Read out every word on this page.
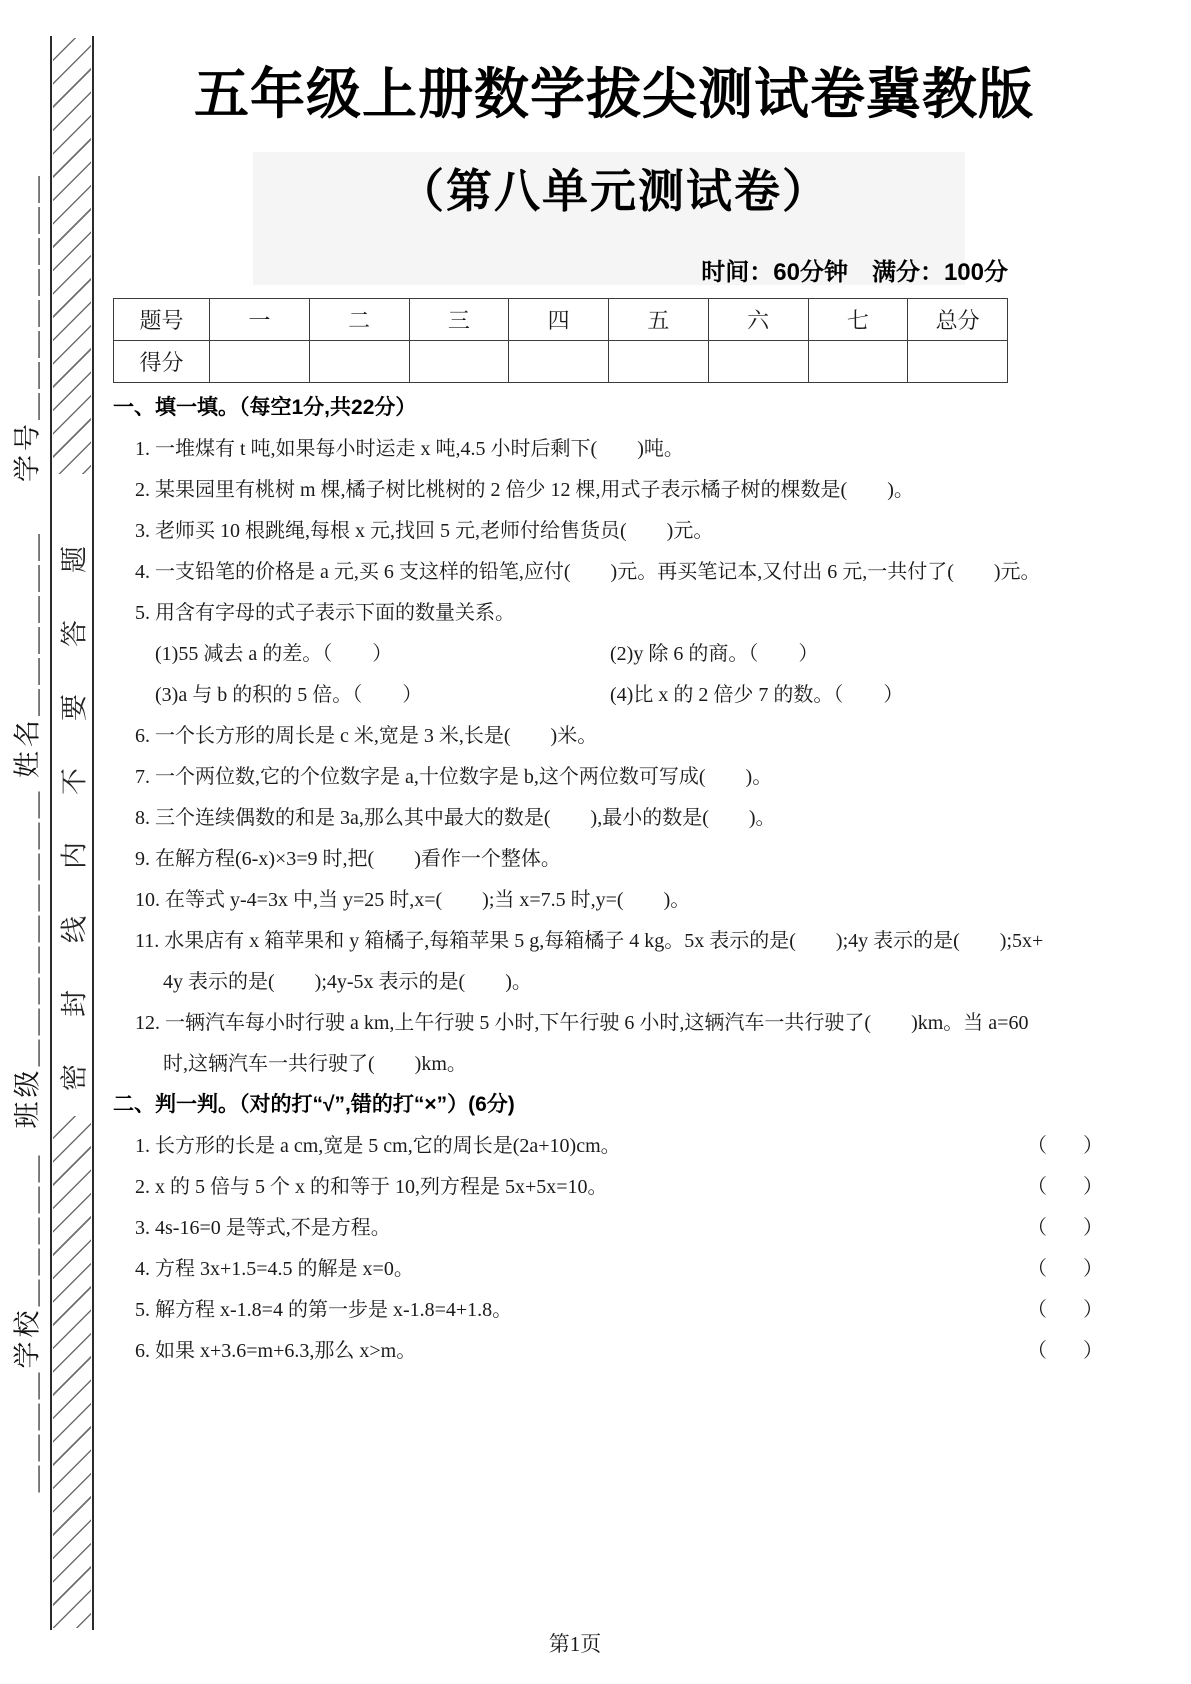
密封线内不要答题
学号＿＿＿＿＿＿＿＿
姓名＿＿＿＿＿＿
班级＿＿＿＿＿＿＿＿＿
＿＿＿＿学校＿＿＿＿＿
五年级上册数学拔尖测试卷冀教版
（第八单元测试卷）
时间：60分钟　满分：100分
题号	一	二	三	四	五	六	七	总分
得分								
一、填一填。（每空1分,共22分）
1. 一堆煤有 t 吨,如果每小时运走 x 吨,4.5 小时后剩下(　　)吨。
2. 某果园里有桃树 m 棵,橘子树比桃树的 2 倍少 12 棵,用式子表示橘子树的棵数是(　　)。
3. 老师买 10 根跳绳,每根 x 元,找回 5 元,老师付给售货员(　　)元。
4. 一支铅笔的价格是 a 元,买 6 支这样的铅笔,应付(　　)元。再买笔记本,又付出 6 元,一共付了(　　)元。
5. 用含有字母的式子表示下面的数量关系。
(1)55 减去 a 的差。（　　）	(2)y 除 6 的商。（　　）
(3)a 与 b 的积的 5 倍。（　　）	(4)比 x 的 2 倍少 7 的数。（　　）
6. 一个长方形的周长是 c 米,宽是 3 米,长是(　　)米。
7. 一个两位数,它的个位数字是 a,十位数字是 b,这个两位数可写成(　　)。
8. 三个连续偶数的和是 3a,那么其中最大的数是(　　),最小的数是(　　)。
9. 在解方程(6-x)×3=9 时,把(　　)看作一个整体。
10. 在等式 y-4=3x 中,当 y=25 时,x=(　　);当 x=7.5 时,y=(　　)。
11. 水果店有 x 箱苹果和 y 箱橘子,每箱苹果 5 g,每箱橘子 4 kg。5x 表示的是(　　);4y 表示的是(　　);5x+
4y 表示的是(　　);4y-5x 表示的是(　　)。
12. 一辆汽车每小时行驶 a km,上午行驶 5 小时,下午行驶 6 小时,这辆汽车一共行驶了(　　)km。当 a=60
时,这辆汽车一共行驶了(　　)km。
二、判一判。（对的打“√”,错的打“×”）(6分)
1. 长方形的长是 a cm,宽是 5 cm,它的周长是(2a+10)cm。	（　）
2. x 的 5 倍与 5 个 x 的和等于 10,列方程是 5x+5x=10。	（　）
3. 4s-16=0 是等式,不是方程。	（　）
4. 方程 3x+1.5=4.5 的解是 x=0。	（　）
5. 解方程 x-1.8=4 的第一步是 x-1.8=4+1.8。	（　）
6. 如果 x+3.6=m+6.3,那么 x>m。	（　）
第1页
